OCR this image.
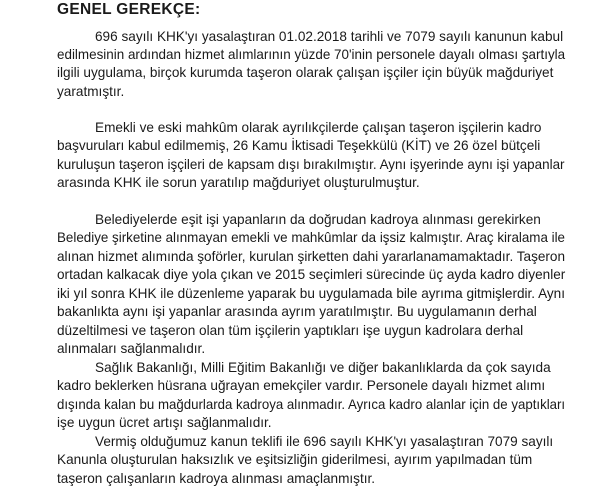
GENEL GEREKÇE:
696 sayılı KHK'yı yasalaştıran 01.02.2018 tarihli ve 7079 sayılı kanunun kabul
edilmesinin ardından hizmet alımlarının yüzde 70'inin personele dayalı olması şartıyla
ilgili uygulama, birçok kurumda taşeron olarak çalışan işçiler için büyük mağduriyet
yaratmıştır.
Emekli ve eski mahkûm olarak ayrılıkçilerde çalışan taşeron işçilerin kadro
başvuruları kabul edilmemiş, 26 Kamu İktisadi Teşekkülü (KİT) ve 26 özel bütçeli
kuruluşun taşeron işçileri de kapsam dışı bırakılmıştır. Aynı işyerinde aynı işi yapanlar
arasında KHK ile sorun yaratılıp mağduriyet oluşturulmuştur.
Belediyelerde eşit işi yapanların da doğrudan kadroya alınması gerekirken
Belediye şirketine alınmayan emekli ve mahkûmlar da işsiz kalmıştır. Araç kiralama ile
alınan hizmet alımında şoförler, kurulan şirketten dahi yararlanamamaktadır. Taşeron
ortadan kalkacak diye yola çıkan ve 2015 seçimleri sürecinde üç ayda kadro diyenler
iki yıl sonra KHK ile düzenleme yaparak bu uygulamada bile ayrıma gitmişlerdir. Aynı
bakanlıkta aynı işi yapanlar arasında ayrım yaratılmıştır. Bu uygulamanın derhal
düzeltilmesi ve taşeron olan tüm işçilerin yaptıkları işe uygun kadrolara derhal
alınmaları sağlanmalıdır.
Sağlık Bakanlığı, Milli Eğitim Bakanlığı ve diğer bakanlıklarda da çok sayıda
kadro beklerken hüsrana uğrayan emekçiler vardır. Personele dayalı hizmet alımı
dışında kalan bu mağdurlarda kadroya alınmadır. Ayrıca kadro alanlar için de yaptıkları
işe uygun ücret artışı sağlanmalıdır.
Vermiş olduğumuz kanun teklifi ile 696 sayılı KHK'yı yasalaştıran 7079 sayılı
Kanunla oluşturulan haksızlık ve eşitsizliğin giderilmesi, ayırım yapılmadan tüm
taşeron çalışanların kadroya alınması amaçlanmıştır.
